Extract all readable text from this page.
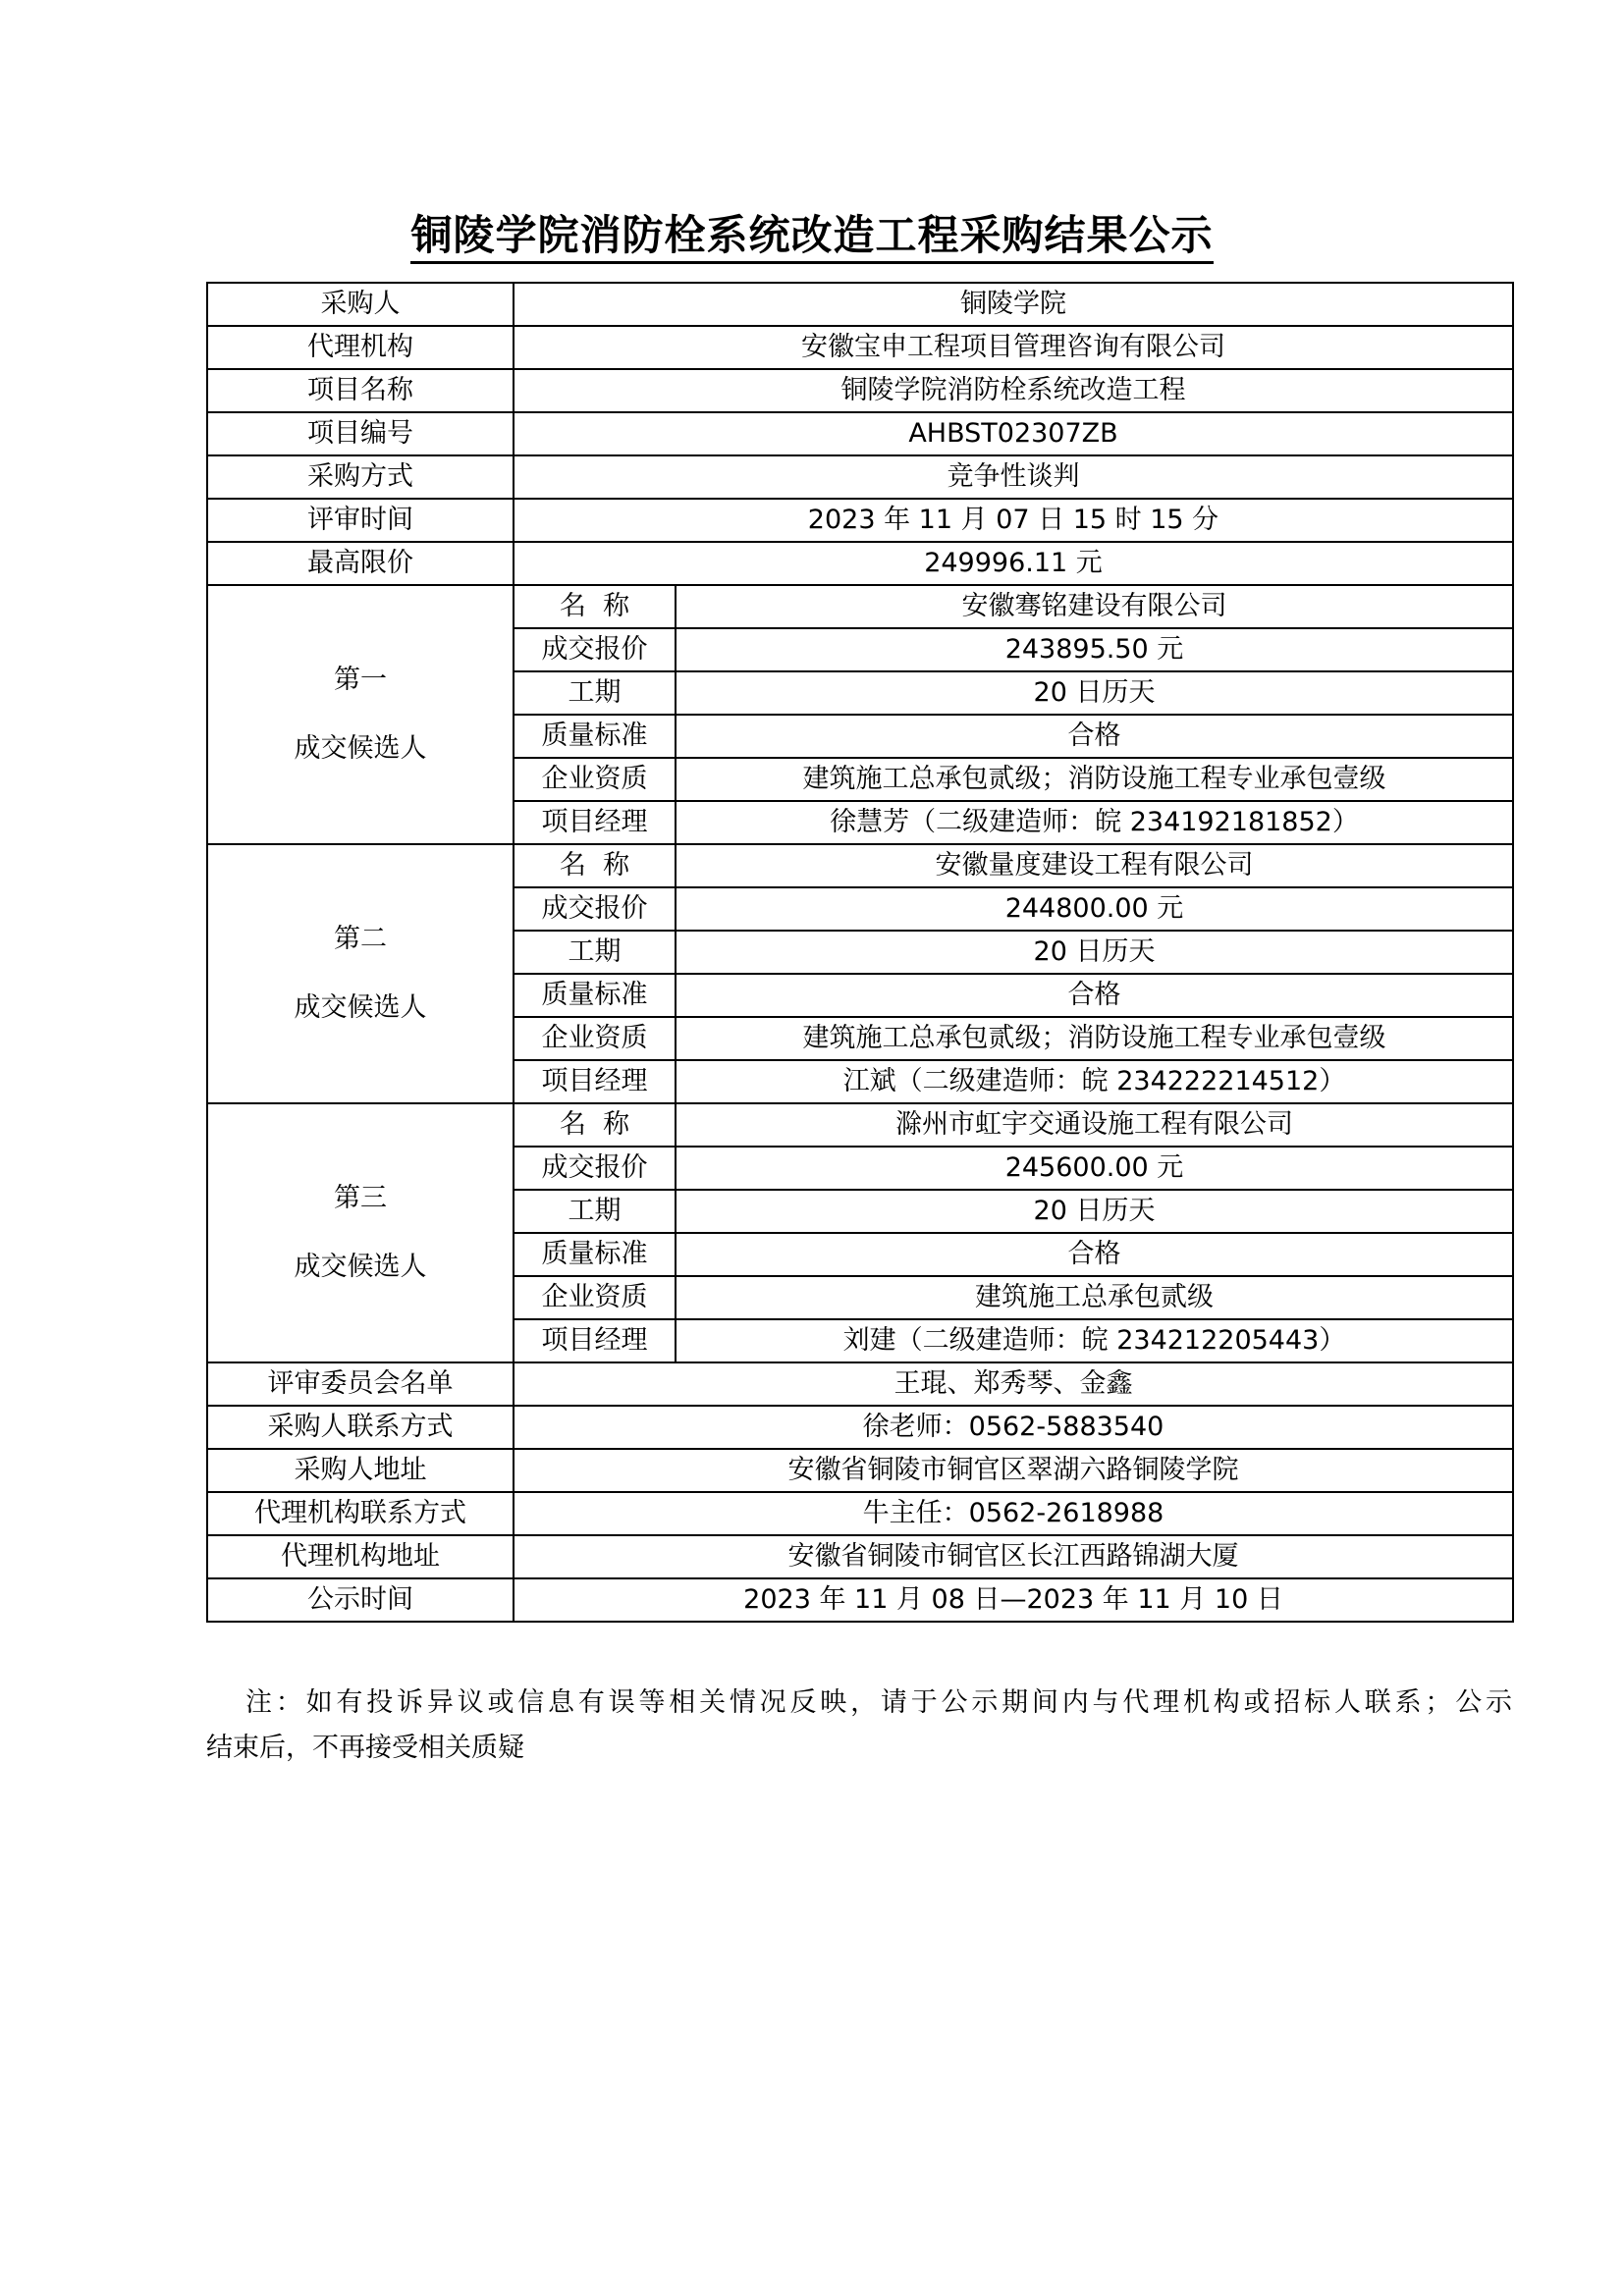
铜陵学院消防栓系统改造工程采购结果公示
采购人	铜陵学院	
代理机构	安徽宝申工程项目管理咨询有限公司	
项目名称	铜陵学院消防栓系统改造工程	
项目编号	AHBST02307ZB	
采购方式	竞争性谈判	
评审时间	2023 年 11 月 07 日 15 时 15 分	
最高限价	249996.11 元	

第一
成交候选人	名  称	安徽骞铭建设有限公司
	成交报价	243895.50 元
	工期	20 日历天
	质量标准	合格
	企业资质	建筑施工总承包贰级；消防设施工程专业承包壹级
	项目经理	徐慧芳（二级建造师：皖 234192181852）

第二
成交候选人	名  称	安徽量度建设工程有限公司
	成交报价	244800.00 元
	工期	20 日历天
	质量标准	合格
	企业资质	建筑施工总承包贰级；消防设施工程专业承包壹级
	项目经理	江斌（二级建造师：皖 234222214512）

第三
成交候选人	名  称	滁州市虹宇交通设施工程有限公司
	成交报价	245600.00 元
	工期	20 日历天
	质量标准	合格
	企业资质	建筑施工总承包贰级
	项目经理	刘建（二级建造师：皖 234212205443）
评审委员会名单	王琨、郑秀琴、金鑫	
采购人联系方式	徐老师：0562-5883540	
采购人地址	安徽省铜陵市铜官区翠湖六路铜陵学院	
代理机构联系方式	牛主任：0562-2618988	
代理机构地址	安徽省铜陵市铜官区长江西路锦湖大厦	
公示时间	2023 年 11 月 08 日—2023 年 11 月 10 日	
注：如有投诉异议或信息有误等相关情况反映，请于公示期间内与代理机构或招标人联系；公示
结束后，不再接受相关质疑
